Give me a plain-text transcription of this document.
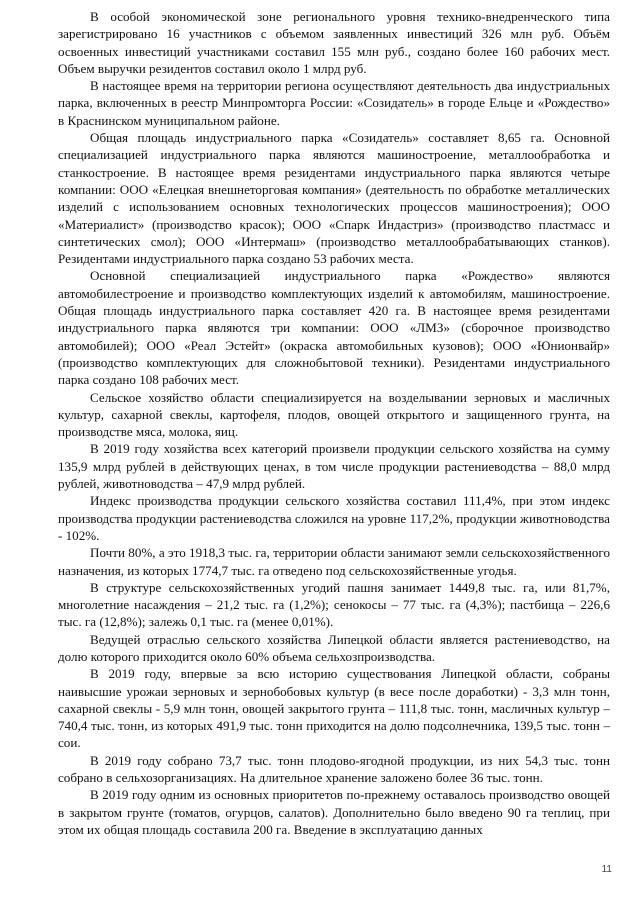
В особой экономической зоне регионального уровня технико-внедренческого типа зарегистрировано 16 участников с объемом заявленных инвестиций 326 млн руб. Объём освоенных инвестиций участниками составил 155 млн руб., создано более 160 рабочих мест. Объем выручки резидентов составил около 1 млрд руб.

В настоящее время на территории региона осуществляют деятельность два индустриальных парка, включенных в реестр Минпромторга России: «Созидатель» в городе Ельце и «Рождество» в Краснинском муниципальном районе.

Общая площадь индустриального парка «Созидатель» составляет 8,65 га. Основной специализацией индустриального парка являются машиностроение, металлообработка и станкостроение. В настоящее время резидентами индустриального парка являются четыре компании: ООО «Елецкая внешнеторговая компания» (деятельность по обработке металлических изделий с использованием основных технологических процессов машиностроения); ООО «Материалист» (производство красок); ООО «Спарк Индастриз» (производство пластмасс и синтетических смол); ООО «Интермаш» (производство металлообрабатывающих станков). Резидентами индустриального парка создано 53 рабочих места.

Основной специализацией индустриального парка «Рождество» являются автомобилестроение и производство комплектующих изделий к автомобилям, машиностроение. Общая площадь индустриального парка составляет 420 га. В настоящее время резидентами индустриального парка являются три компании: ООО «ЛМЗ» (сборочное производство автомобилей); ООО «Реал Эстейт» (окраска автомобильных кузовов); ООО «Юнионвайр» (производство комплектующих для сложнобытовой техники). Резидентами индустриального парка создано 108 рабочих мест.

Сельское хозяйство области специализируется на возделывании зерновых и масличных культур, сахарной свеклы, картофеля, плодов, овощей открытого и защищенного грунта, на производстве мяса, молока, яиц.

В 2019 году хозяйства всех категорий произвели продукции сельского хозяйства на сумму 135,9 млрд рублей в действующих ценах, в том числе продукции растениеводства – 88,0 млрд рублей, животноводства – 47,9 млрд рублей.

Индекс производства продукции сельского хозяйства составил 111,4%, при этом индекс производства продукции растениеводства сложился на уровне 117,2%, продукции животноводства - 102%.

Почти 80%, а это 1918,3 тыс. га, территории области занимают земли сельскохозяйственного назначения, из которых 1774,7 тыс. га отведено под сельскохозяйственные угодья.

В структуре сельскохозяйственных угодий пашня занимает 1449,8 тыс. га, или 81,7%, многолетние насаждения – 21,2 тыс. га (1,2%); сенокосы – 77 тыс. га (4,3%); пастбища – 226,6 тыс. га (12,8%); залежь 0,1 тыс. га (менее 0,01%).

Ведущей отраслью сельского хозяйства Липецкой области является растениеводство, на долю которого приходится около 60% объема сельхозпроизводства.

В 2019 году, впервые за всю историю существования Липецкой области, собраны наивысшие урожаи зерновых и зернобобовых культур (в весе после доработки) - 3,3 млн тонн, сахарной свеклы - 5,9 млн тонн, овощей закрытого грунта – 111,8 тыс. тонн, масличных культур – 740,4 тыс. тонн, из которых 491,9 тыс. тонн приходится на долю подсолнечника, 139,5 тыс. тонн – сои.

В 2019 году собрано 73,7 тыс. тонн плодово-ягодной продукции, из них 54,3 тыс. тонн собрано в сельхозорганизациях. На длительное хранение заложено более 36 тыс. тонн.

В 2019 году одним из основных приоритетов по-прежнему оставалось производство овощей в закрытом грунте (томатов, огурцов, салатов). Дополнительно было введено 90 га теплиц, при этом их общая площадь составила 200 га. Введение в эксплуатацию данных

11
